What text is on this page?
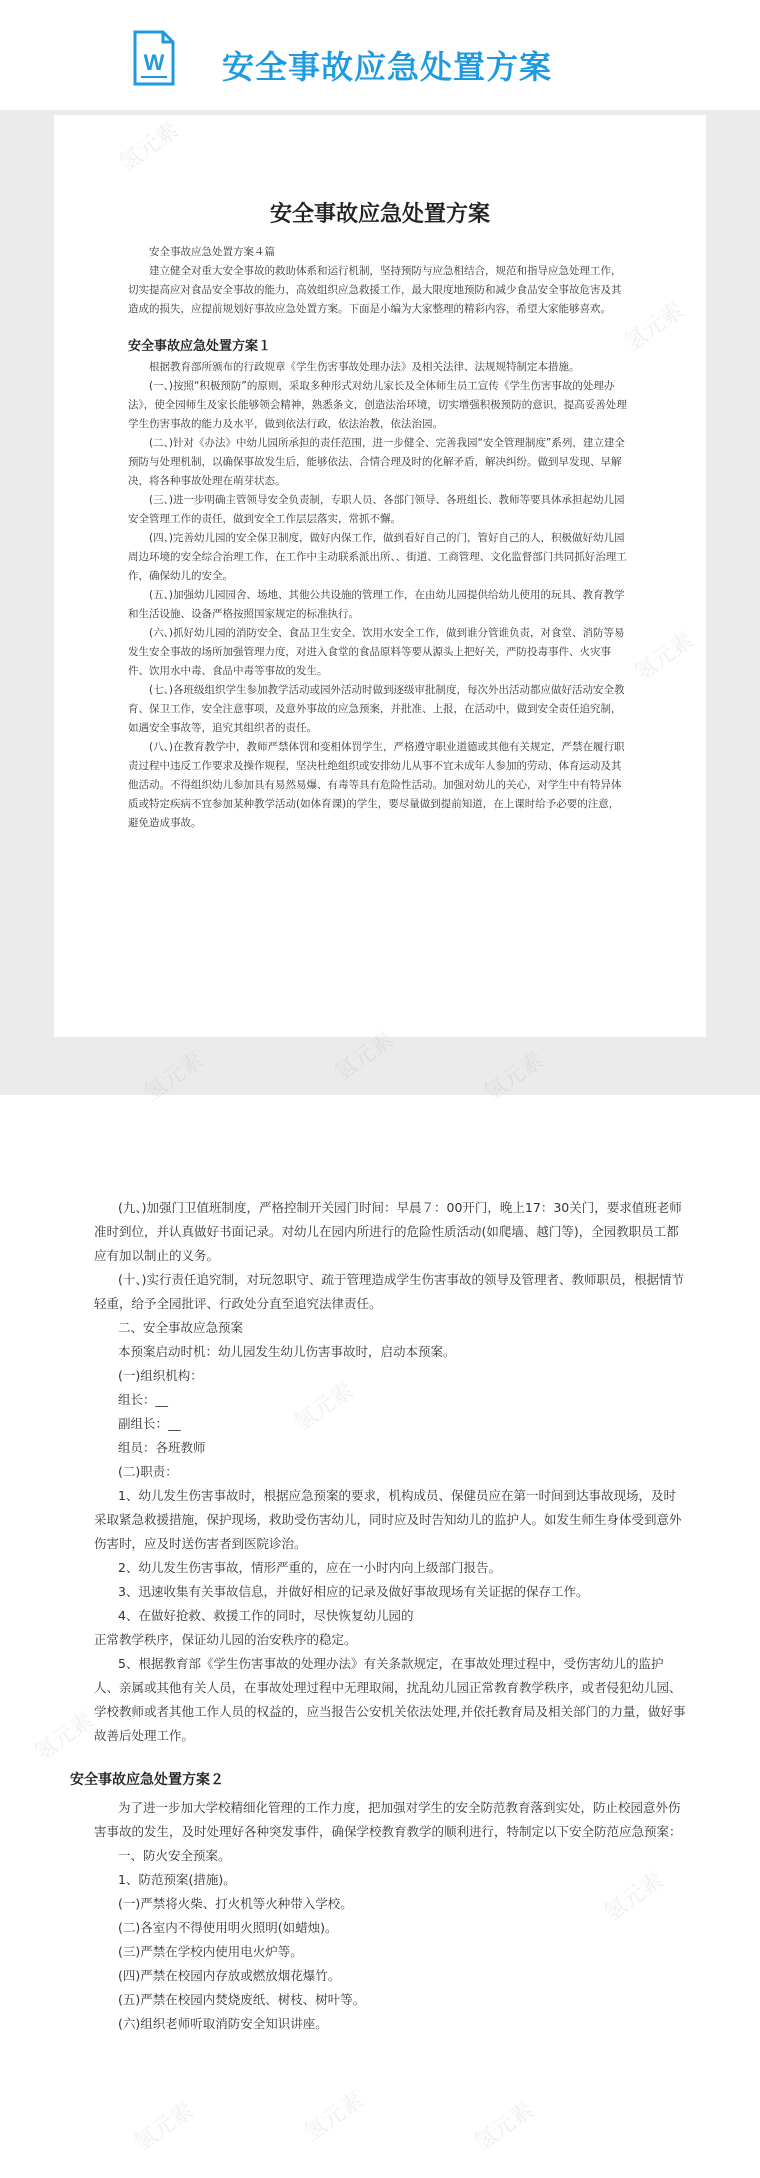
W 安全事故应急处置方案
安全事故应急处置方案

安全事故应急处置方案４篇

建立健全对重大安全事故的救助体系和运行机制，坚持预防与应急相结合，规范和指导应急处理工作，切实提高应对食品安全事故的能力，高效组织应急救援工作，最大限度地预防和减少食品安全事故危害及其造成的损失，应提前规划好事故应急处置方案。下面是小编为大家整理的精彩内容，希望大家能够喜欢。

安全事故应急处置方案１

根据教育部所颁布的行政规章《学生伤害事故处理办法》及相关法律、法规规特制定本措施。

(一、)按照“积极预防”的原则，采取多种形式对幼儿家长及全体师生员工宣传《学生伤害事故的处理办法》，使全园师生及家长能够领会精神，熟悉条文，创造法治环境，切实增强积极预防的意识，提高妥善处理学生伤害事故的能力及水平，做到依法行政，依法治教，依法治园。

(二、)针对《办法》中幼儿园所承担的责任范围，进一步健全、完善我园“安全管理制度”系列，建立建全预防与处理机制，以确保事故发生后，能够依法、合情合理及时的化解矛盾，解决纠纷。做到早发现、早解决，将各种事故处理在萌芽状态。

(三、)进一步明确主管领导安全负责制，专职人员、各部门领导、各班组长、教师等要具体承担起幼儿园安全管理工作的责任，做到安全工作层层落实，常抓不懈。

(四、)完善幼儿园的安全保卫制度，做好内保工作，做到看好自己的门，管好自己的人，积极做好幼儿园周边环境的安全综合治理工作，在工作中主动联系派出所、、街道、工商管理、文化监督部门共同抓好治理工作，确保幼儿的安全。

(五、)加强幼儿园园舍、场地、其他公共设施的管理工作，在由幼儿园提供给幼儿使用的玩具、教育教学和生活设施、设备严格按照国家规定的标准执行。

(六、)抓好幼儿园的消防安全、食品卫生安全、饮用水安全工作，做到谁分管谁负责，对食堂、消防等易发生安全事故的场所加强管理力度，对进入食堂的食品原料等要从源头上把好关，严防投毒事件、火灾事件、饮用水中毒、食品中毒等事故的发生。

(七、)各班级组织学生参加教学活动或园外活动时做到逐级审批制度，每次外出活动都应做好活动安全教育、保卫工作，安全注意事项，及意外事故的应急预案，并批准、上报，在活动中，做到安全责任追究制，如遇安全事故等，追究其组织者的责任。

(八、)在教育教学中，教师严禁体罚和变相体罚学生，严格遵守职业道德或其他有关规定，严禁在履行职责过程中违反工作要求及操作规程，坚决杜绝组织或安排幼儿从事不宜未成年人参加的劳动、体育运动及其他活动。不得组织幼儿参加具有易然易爆、有毒等具有危险性活动。加强对幼儿的关心，对学生中有特异体质或特定疾病不宜参加某种教学活动(如体育课)的学生，要尽量做到提前知道，在上课时给予必要的注意，避免造成事故。

(九、)加强门卫值班制度，严格控制开关园门时间：早晨７：00开门，晚上17：30关门，要求值班老师准时到位，并认真做好书面记录。对幼儿在园内所进行的危险性质活动(如爬墙、越门等)，全园教职员工都应有加以制止的义务。

(十、)实行责任追究制，对玩忽职守、疏于管理造成学生伤害事故的领导及管理者、教师职员，根据情节轻重，给予全园批评、行政处分直至追究法律责任。

二、安全事故应急预案

本预案启动时机：幼儿园发生幼儿伤害事故时，启动本预案。

(一)组织机构：

组长：__

副组长：__

组员：各班教师

(二)职责：

1、幼儿发生伤害事故时，根据应急预案的要求，机构成员、保健员应在第一时间到达事故现场，及时采取紧急救援措施，保护现场，救助受伤害幼儿，同时应及时告知幼儿的监护人。如发生师生身体受到意外伤害时，应及时送伤害者到医院诊治。

2、幼儿发生伤害事故，情形严重的，应在一小时内向上级部门报告。

3、迅速收集有关事故信息，并做好相应的记录及做好事故现场有关证据的保存工作。

4、在做好抢救、救援工作的同时，尽快恢复幼儿园的

正常教学秩序，保证幼儿园的治安秩序的稳定。

5、根据教育部《学生伤害事故的处理办法》有关条款规定，在事故处理过程中，受伤害幼儿的监护人、亲属或其他有关人员，在事故处理过程中无理取闹，扰乱幼儿园正常教育教学秩序，或者侵犯幼儿园、学校教师或者其他工作人员的权益的，应当报告公安机关依法处理,并依托教育局及相关部门的力量，做好事故善后处理工作。

安全事故应急处置方案２

为了进一步加大学校精细化管理的工作力度，把加强对学生的安全防范教育落到实处，防止校园意外伤害事故的发生，及时处理好各种突发事件，确保学校教育教学的顺利进行，特制定以下安全防范应急预案：

一、防火安全预案。

1、防范预案(措施)。

(一)严禁将火柴、打火机等火种带入学校。

(二)各室内不得使用明火照明(如蜡烛)。

(三)严禁在学校内使用电火炉等。

(四)严禁在校园内存放或燃放烟花爆竹。

(五)严禁在校园内焚烧废纸、树枝、树叶等。

(六)组织老师听取消防安全知识讲座。

氢元素
氢元素
氢元素
氢元素	氢元素	氢元素
